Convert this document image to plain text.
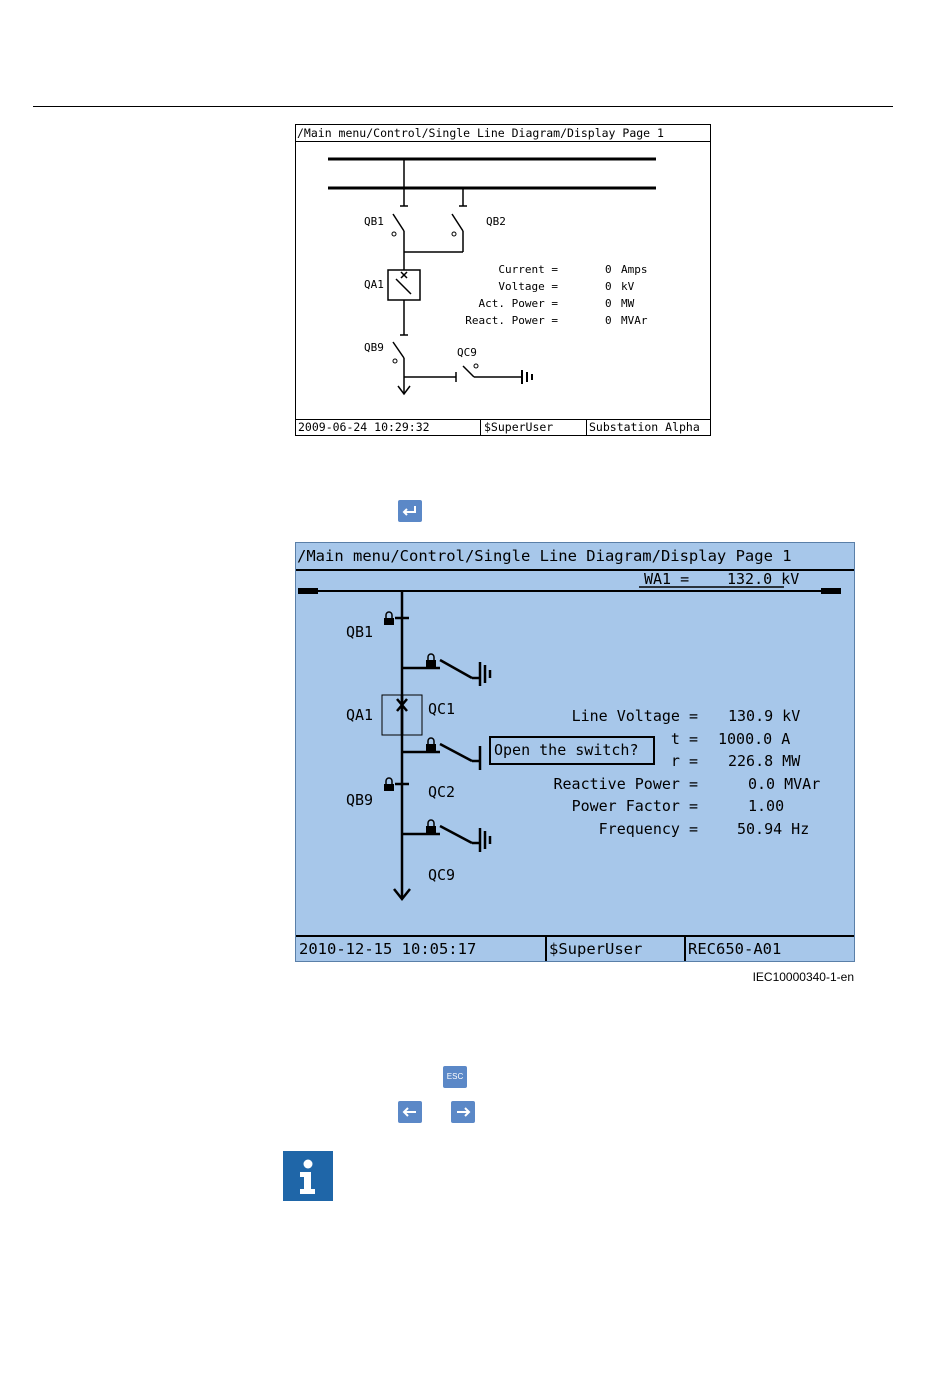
/Main menu/Control/Single Line Diagram/Display Page 1
QB1	QB2
QA1
QB9	QC9
Current =	0 Amps
Voltage =	0 kV
Act. Power =	0 MW
React. Power =	0 MVAr
2009-06-24 10:29:32	$SuperUser	Substation Alpha
/Main menu/Control/Single Line Diagram/Display Page 1
WA1 =	132.0 kV
QB1
QA1	QC1
QB9	QC2
QC9
Line Voltage = 130.9 kV
t = 1000.0 A
r = 226.8 MW
Reactive Power =	0.0 MVAr
Power Factor =	1.00
Frequency =	50.94 Hz
Open the switch?
2010-12-15 10:05:17	$SuperUser	REC650-A01
IEC10000340-1-en
ESC
